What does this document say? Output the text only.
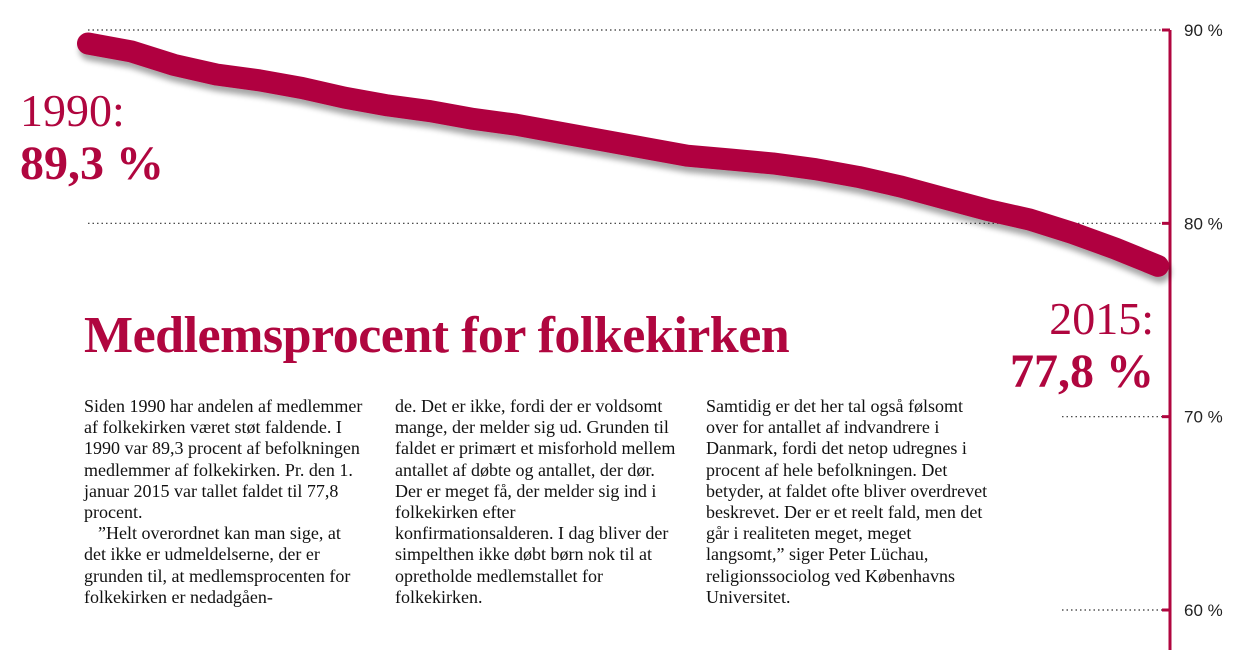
90 %
80 %
70 %
60 %
1990:
89,3 %
2015:
77,8 %
Medlemsprocent for folkekirken

Siden 1990 har andelen af medlemmer af folkekirken været støt faldende. I 1990 var 89,3 procent af befolkningen medlemmer af folkekirken. Pr. den 1. januar 2015 var tallet faldet til 77,8 procent.

”Helt overordnet kan man sige, at det ikke er udmeldelserne, der er grunden til, at medlemsprocenten for folkekirken er nedadgåen-

de. Det er ikke, fordi der er voldsomt mange, der melder sig ud. Grunden til faldet er primært et misforhold mellem antallet af døbte og antallet, der dør. Der er meget få, der melder sig ind i folkekirken efter konfirmationsalderen. I dag bliver der simpelthen ikke døbt børn nok til at opretholde medlemstallet for folkekirken.

Samtidig er det her tal også følsomt over for antallet af indvandrere i Danmark, fordi det netop udregnes i procent af hele befolkningen. Det betyder, at faldet ofte bliver overdrevet beskrevet. Der er et reelt fald, men det går i realiteten meget, meget langsomt,” siger Peter Lüchau, religionssociolog ved Københavns Universitet.
